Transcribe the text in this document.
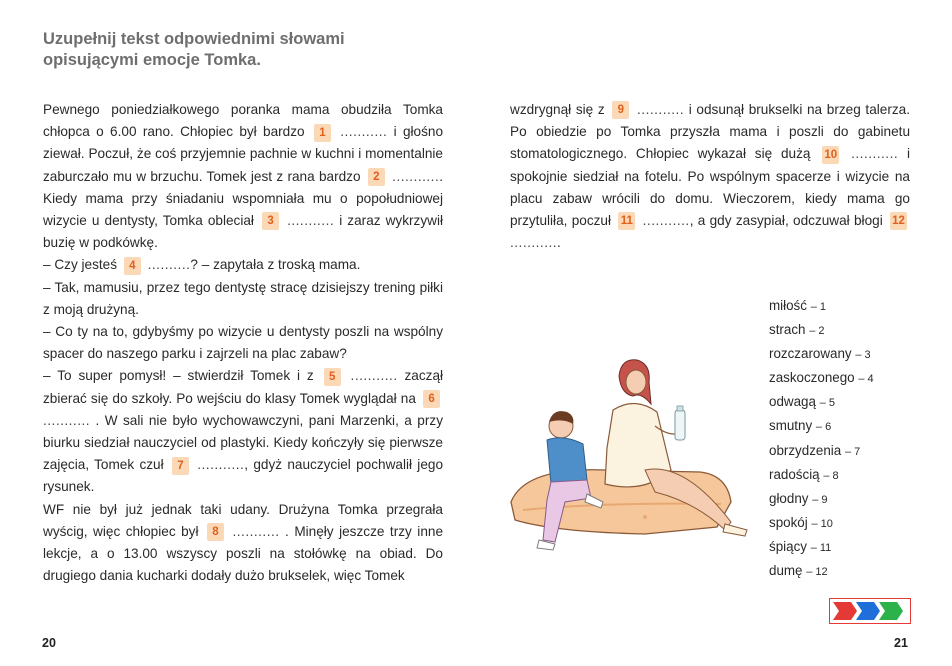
Uzupełnij tekst odpowiednimi słowami opisującymi emocje Tomka.

Pewnego poniedziałkowego poranka mama obudziła Tomka chłopca o 6.00 rano. Chłopiec był bardzo 1 ........... i głośno ziewał. Poczuł, że coś przyjemnie pachnie w kuchni i momentalnie zaburczało mu w brzuchu. Tomek jest z rana bardzo 2 ............ Kiedy mama przy śniadaniu wspomniała mu o popołudniowej wizycie u dentysty, Tomka obleciał 3 ........... i zaraz wykrzywił buzię w podkówkę.

– Czy jesteś 4 ..........? – zapytała z troską mama.

– Tak, mamusiu, przez tego dentystę stracę dzisiejszy trening piłki z moją drużyną.

– Co ty na to, gdybyśmy po wizycie u dentysty poszli na wspólny spacer do naszego parku i zajrzeli na plac zabaw?

– To super pomysł! – stwierdził Tomek i z 5 ........... zaczął zbierać się do szkoły. Po wejściu do klasy Tomek wyglądał na 6 ........... . W sali nie było wychowawczyni, pani Marzenki, a przy biurku siedział nauczyciel od plastyki. Kiedy kończyły się pierwsze zajęcia, Tomek czuł 7 ..........., gdyż nauczyciel pochwalił jego rysunek.

WF nie był już jednak taki udany. Drużyna Tomka przegrała wyścig, więc chłopiec był 8 ........... . Minęły jeszcze trzy inne lekcje, a o 13.00 wszyscy poszli na stołówkę na obiad. Do drugiego dania kucharki dodały dużo brukselek, więc Tomek

wzdrygnął się z 9 ........... i odsunął brukselki na brzeg talerza. Po obiedzie po Tomka przyszła mama i poszli do gabinetu stomatologicznego. Chłopiec wykazał się dużą 10 ........... i spokojnie siedział na fotelu. Po wspólnym spacerze i wizycie na placu zabaw wrócili do domu. Wieczorem, kiedy mama go przytuliła, poczuł 11 ..........., a gdy zasypiał, odczuwał błogi 12 ............

miłość – 1
strach – 2
rozczarowany – 3
zaskoczonego – 4
odwagą – 5
smutny – 6
obrzydzenia – 7
radością – 8
głodny – 9
spokój – 10
śpiący – 11
dumę – 12
20	21
